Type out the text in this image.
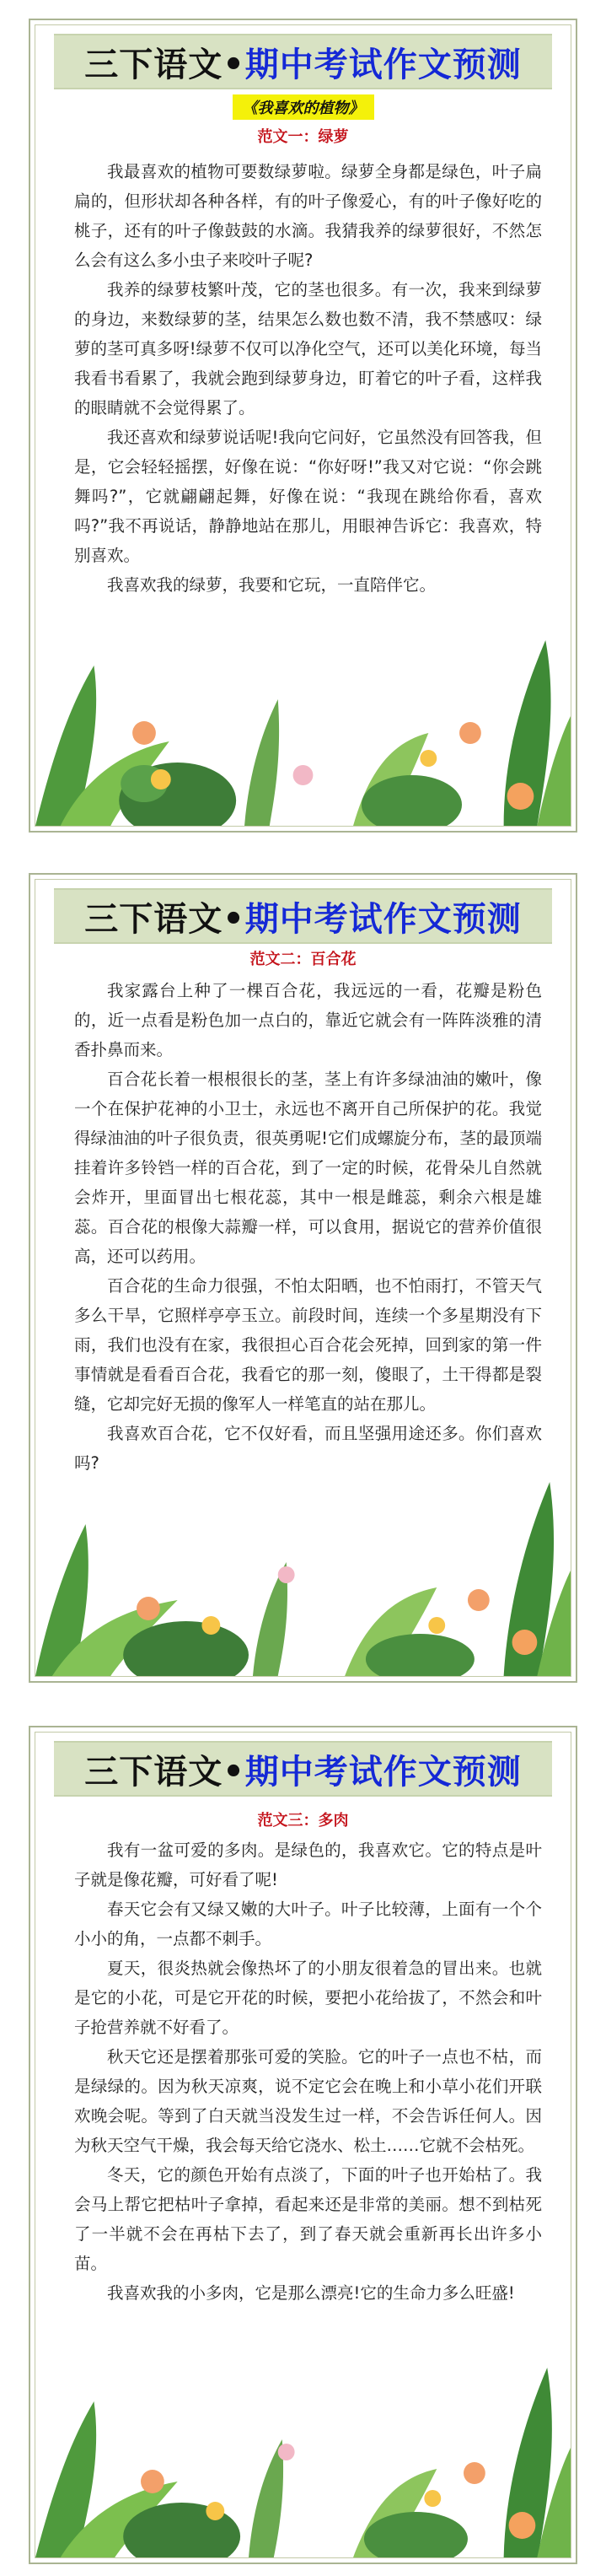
三下语文• 期中考试作文预测
《我喜欢的植物》
范文一：绿萝

我最喜欢的植物可要数绿萝啦。绿萝全身都是绿色，叶子扁扁的，但形状却各种各样，有的叶子像爱心，有的叶子像好吃的桃子，还有的叶子像鼓鼓的水滴。我猜我养的绿萝很好，不然怎么会有这么多小虫子来咬叶子呢?

我养的绿萝枝繁叶茂，它的茎也很多。有一次，我来到绿萝的身边，来数绿萝的茎，结果怎么数也数不清，我不禁感叹：绿萝的茎可真多呀!绿萝不仅可以净化空气，还可以美化环境，每当我看书看累了，我就会跑到绿萝身边，盯着它的叶子看，这样我的眼睛就不会觉得累了。

我还喜欢和绿萝说话呢!我向它问好，它虽然没有回答我，但是，它会轻轻摇摆，好像在说：“你好呀!”我又对它说：“你会跳舞吗?”，它就翩翩起舞，好像在说：“我现在跳给你看，喜欢吗?”我不再说话，静静地站在那儿，用眼神告诉它：我喜欢，特别喜欢。

我喜欢我的绿萝，我要和它玩，一直陪伴它。

三下语文• 期中考试作文预测
范文二：百合花

我家露台上种了一棵百合花，我远远的一看，花瓣是粉色的，近一点看是粉色加一点白的，靠近它就会有一阵阵淡雅的清香扑鼻而来。

百合花长着一根根很长的茎，茎上有许多绿油油的嫩叶，像一个在保护花神的小卫士，永远也不离开自己所保护的花。我觉得绿油油的叶子很负责，很英勇呢!它们成螺旋分布，茎的最顶端挂着许多铃铛一样的百合花，到了一定的时候，花骨朵儿自然就会炸开，里面冒出七根花蕊，其中一根是雌蕊，剩余六根是雄蕊。百合花的根像大蒜瓣一样，可以食用，据说它的营养价值很高，还可以药用。

百合花的生命力很强，不怕太阳晒，也不怕雨打，不管天气多么干旱，它照样亭亭玉立。前段时间，连续一个多星期没有下雨，我们也没有在家，我很担心百合花会死掉，回到家的第一件事情就是看看百合花，我看它的那一刻，傻眼了，土干得都是裂缝，它却完好无损的像军人一样笔直的站在那儿。

我喜欢百合花，它不仅好看，而且坚强用途还多。你们喜欢吗?

三下语文• 期中考试作文预测
范文三：多肉

我有一盆可爱的多肉。是绿色的，我喜欢它。它的特点是叶子就是像花瓣，可好看了呢!

春天它会有又绿又嫩的大叶子。叶子比较薄，上面有一个个小小的角，一点都不刺手。

夏天，很炎热就会像热坏了的小朋友很着急的冒出来。也就是它的小花，可是它开花的时候，要把小花给拔了，不然会和叶子抢营养就不好看了。

秋天它还是摆着那张可爱的笑脸。它的叶子一点也不枯，而是绿绿的。因为秋天凉爽，说不定它会在晚上和小草小花们开联欢晚会呢。等到了白天就当没发生过一样，不会告诉任何人。因为秋天空气干燥，我会每天给它浇水、松土……它就不会枯死。

冬天，它的颜色开始有点淡了，下面的叶子也开始枯了。我会马上帮它把枯叶子拿掉，看起来还是非常的美丽。想不到枯死了一半就不会在再枯下去了，到了春天就会重新再长出许多小苗。

我喜欢我的小多肉，它是那么漂亮!它的生命力多么旺盛!
